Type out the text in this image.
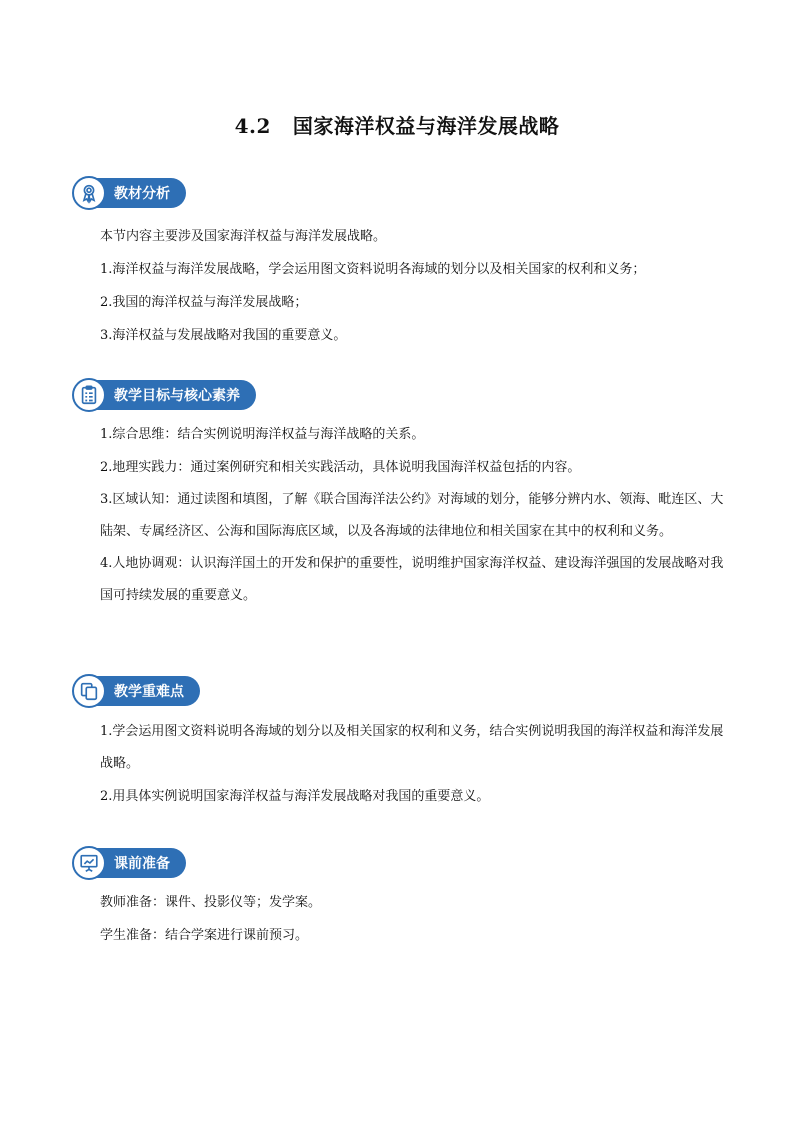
4.2 国家海洋权益与海洋发展战略
教材分析

本节内容主要涉及国家海洋权益与海洋发展战略。

1.海洋权益与海洋发展战略，学会运用图文资料说明各海域的划分以及相关国家的权利和义务；

2.我国的海洋权益与海洋发展战略；

3.海洋权益与发展战略对我国的重要意义。

教学目标与核心素养

1.综合思维：结合实例说明海洋权益与海洋战略的关系。

2.地理实践力：通过案例研究和相关实践活动，具体说明我国海洋权益包括的内容。

3.区域认知：通过读图和填图，了解《联合国海洋法公约》对海域的划分，能够分辨内水、领海、毗连区、大陆架、专属经济区、公海和国际海底区域，以及各海域的法律地位和相关国家在其中的权利和义务。

4.人地协调观：认识海洋国土的开发和保护的重要性，说明维护国家海洋权益、建设海洋强国的发展战略对我国可持续发展的重要意义。

教学重难点

1.学会运用图文资料说明各海域的划分以及相关国家的权利和义务，结合实例说明我国的海洋权益和海洋发展战略。

2.用具体实例说明国家海洋权益与海洋发展战略对我国的重要意义。

课前准备

教师准备：课件、投影仪等；发学案。

学生准备：结合学案进行课前预习。
